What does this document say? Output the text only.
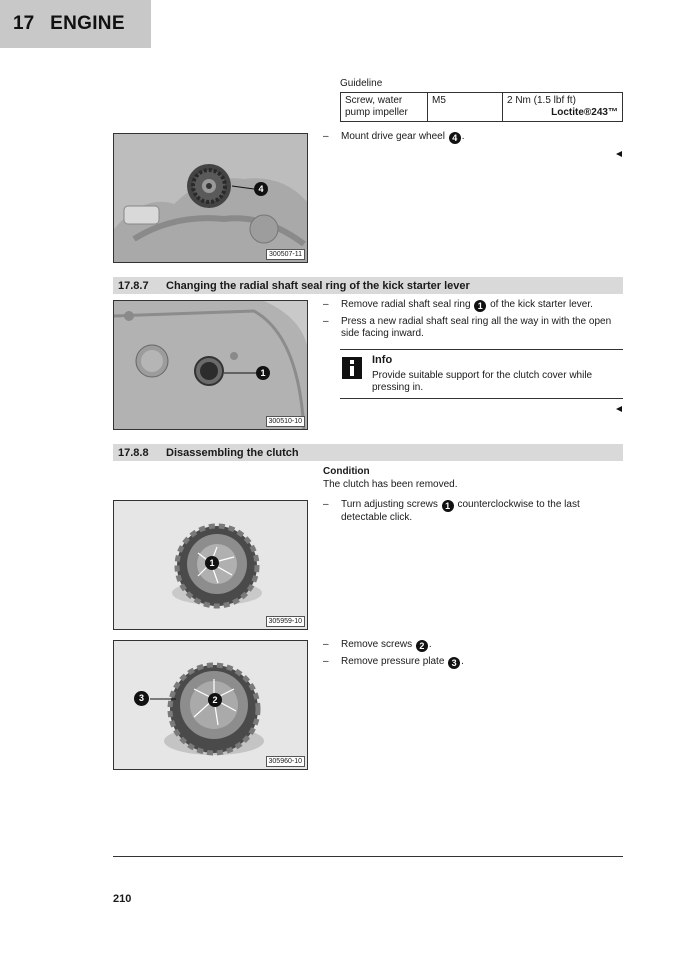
17 ENGINE
Guideline
Screw, water pump impeller	M5	2 Nm (1.5 lbf ft)
Loctite®243™
4
300507-11
–	Mount drive gear wheel 4 .
17.8.7	Changing the radial shaft seal ring of the kick starter lever
1
300510-10
–	Remove radial shaft seal ring 1 of the kick starter lever.
–	Press a new radial shaft seal ring all the way in with the open side facing inward.
Info
Provide suitable support for the clutch cover while pressing in.
17.8.8	Disassembling the clutch
Condition
The clutch has been removed.
1
305959-10
–	Turn adjusting screws 1 counterclockwise to the last detectable click.
3	2
305960-10
–	Remove screws 2 .
–	Remove pressure plate 3 .
210
